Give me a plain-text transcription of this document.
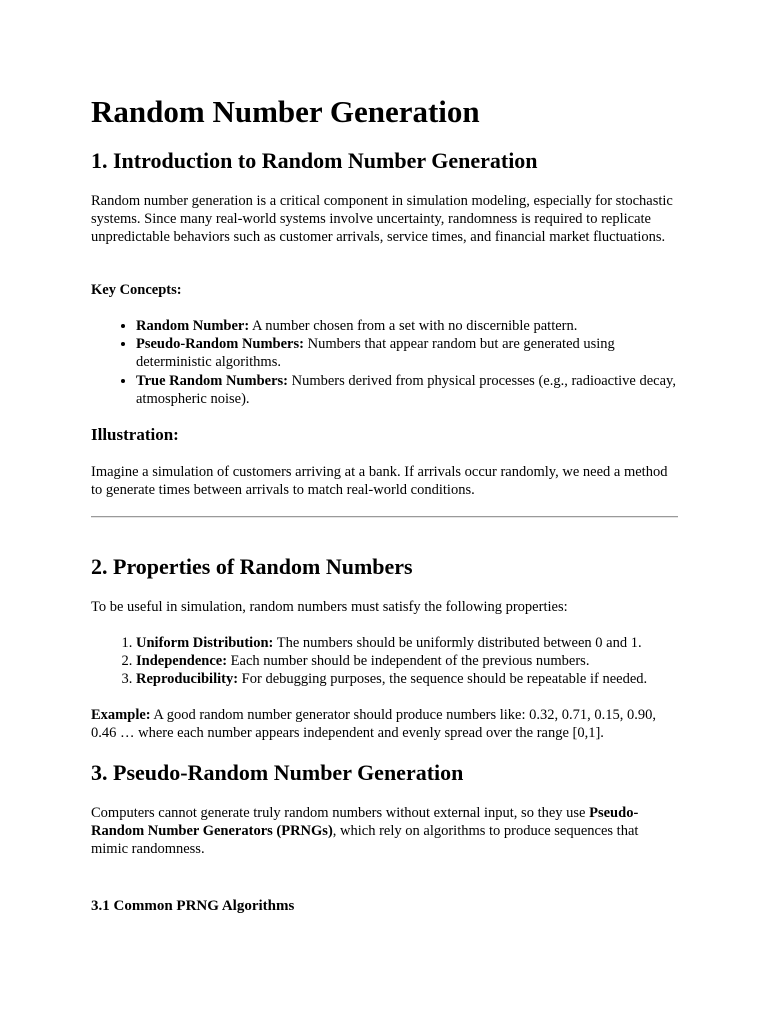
Random Number Generation
1. Introduction to Random Number Generation

Random number generation is a critical component in simulation modeling, especially for stochastic systems. Since many real-world systems involve uncertainty, randomness is required to replicate unpredictable behaviors such as customer arrivals, service times, and financial market fluctuations.

Key Concepts:

• Random Number: A number chosen from a set with no discernible pattern.
• Pseudo-Random Numbers: Numbers that appear random but are generated using deterministic algorithms.
• True Random Numbers: Numbers derived from physical processes (e.g., radioactive decay, atmospheric noise).
Illustration:

Imagine a simulation of customers arriving at a bank. If arrivals occur randomly, we need a method to generate times between arrivals to match real-world conditions.

2. Properties of Random Numbers

To be useful in simulation, random numbers must satisfy the following properties:

1. Uniform Distribution: The numbers should be uniformly distributed between 0 and 1.
2. Independence: Each number should be independent of the previous numbers.
3. Reproducibility: For debugging purposes, the sequence should be repeatable if needed.

Example: A good random number generator should produce numbers like: 0.32, 0.71, 0.15, 0.90, 0.46 … where each number appears independent and evenly spread over the range [0,1].

3. Pseudo-Random Number Generation

Computers cannot generate truly random numbers without external input, so they use Pseudo-Random Number Generators (PRNGs), which rely on algorithms to produce sequences that mimic randomness.

3.1 Common PRNG Algorithms
